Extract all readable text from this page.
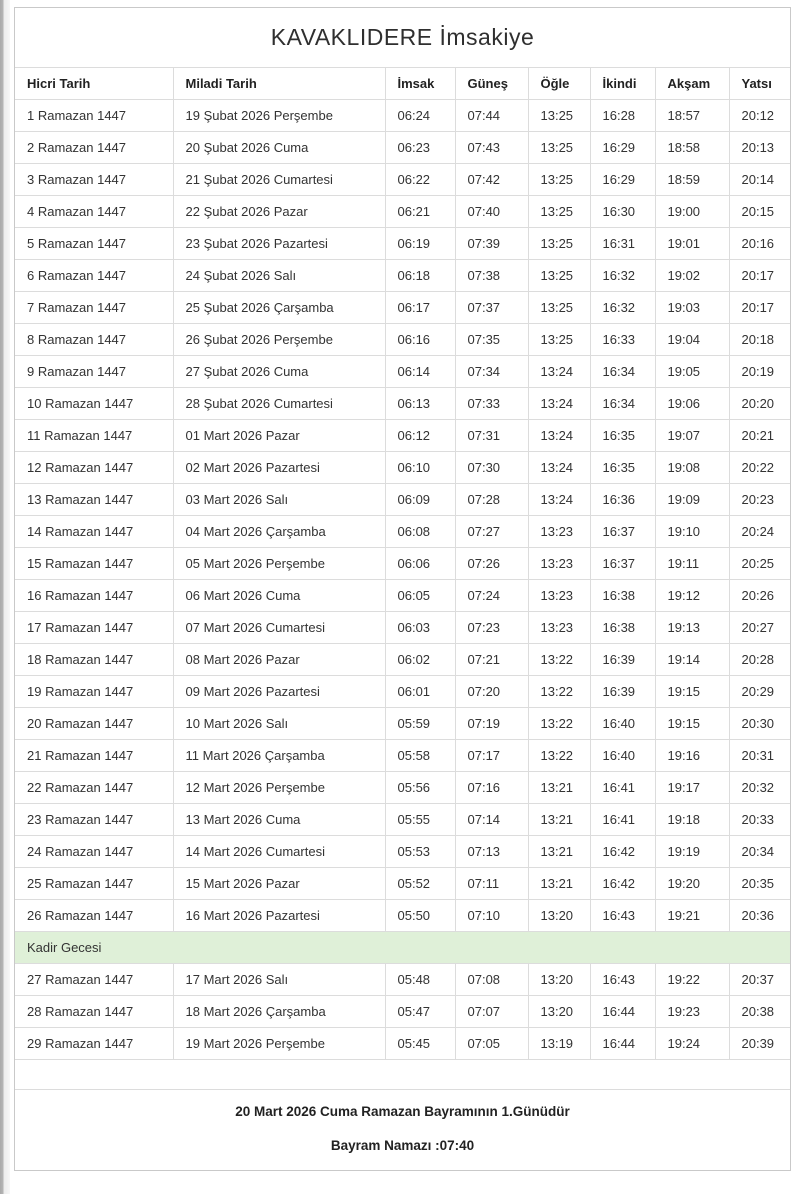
KAVAKLIDERE İmsakiye
Hicri Tarih	Miladi Tarih	İmsak	Güneş	Öğle	İkindi	Akşam	Yatsı
1 Ramazan 1447	19 Şubat 2026 Perşembe	06:24	07:44	13:25	16:28	18:57	20:12
2 Ramazan 1447	20 Şubat 2026 Cuma	06:23	07:43	13:25	16:29	18:58	20:13
3 Ramazan 1447	21 Şubat 2026 Cumartesi	06:22	07:42	13:25	16:29	18:59	20:14
4 Ramazan 1447	22 Şubat 2026 Pazar	06:21	07:40	13:25	16:30	19:00	20:15
5 Ramazan 1447	23 Şubat 2026 Pazartesi	06:19	07:39	13:25	16:31	19:01	20:16
6 Ramazan 1447	24 Şubat 2026 Salı	06:18	07:38	13:25	16:32	19:02	20:17
7 Ramazan 1447	25 Şubat 2026 Çarşamba	06:17	07:37	13:25	16:32	19:03	20:17
8 Ramazan 1447	26 Şubat 2026 Perşembe	06:16	07:35	13:25	16:33	19:04	20:18
9 Ramazan 1447	27 Şubat 2026 Cuma	06:14	07:34	13:24	16:34	19:05	20:19
10 Ramazan 1447	28 Şubat 2026 Cumartesi	06:13	07:33	13:24	16:34	19:06	20:20
11 Ramazan 1447	01 Mart 2026 Pazar	06:12	07:31	13:24	16:35	19:07	20:21
12 Ramazan 1447	02 Mart 2026 Pazartesi	06:10	07:30	13:24	16:35	19:08	20:22
13 Ramazan 1447	03 Mart 2026 Salı	06:09	07:28	13:24	16:36	19:09	20:23
14 Ramazan 1447	04 Mart 2026 Çarşamba	06:08	07:27	13:23	16:37	19:10	20:24
15 Ramazan 1447	05 Mart 2026 Perşembe	06:06	07:26	13:23	16:37	19:11	20:25
16 Ramazan 1447	06 Mart 2026 Cuma	06:05	07:24	13:23	16:38	19:12	20:26
17 Ramazan 1447	07 Mart 2026 Cumartesi	06:03	07:23	13:23	16:38	19:13	20:27
18 Ramazan 1447	08 Mart 2026 Pazar	06:02	07:21	13:22	16:39	19:14	20:28
19 Ramazan 1447	09 Mart 2026 Pazartesi	06:01	07:20	13:22	16:39	19:15	20:29
20 Ramazan 1447	10 Mart 2026 Salı	05:59	07:19	13:22	16:40	19:15	20:30
21 Ramazan 1447	11 Mart 2026 Çarşamba	05:58	07:17	13:22	16:40	19:16	20:31
22 Ramazan 1447	12 Mart 2026 Perşembe	05:56	07:16	13:21	16:41	19:17	20:32
23 Ramazan 1447	13 Mart 2026 Cuma	05:55	07:14	13:21	16:41	19:18	20:33
24 Ramazan 1447	14 Mart 2026 Cumartesi	05:53	07:13	13:21	16:42	19:19	20:34
25 Ramazan 1447	15 Mart 2026 Pazar	05:52	07:11	13:21	16:42	19:20	20:35
26 Ramazan 1447	16 Mart 2026 Pazartesi	05:50	07:10	13:20	16:43	19:21	20:36
Kadir Gecesi							
27 Ramazan 1447	17 Mart 2026 Salı	05:48	07:08	13:20	16:43	19:22	20:37
28 Ramazan 1447	18 Mart 2026 Çarşamba	05:47	07:07	13:20	16:44	19:23	20:38
29 Ramazan 1447	19 Mart 2026 Perşembe	05:45	07:05	13:19	16:44	19:24	20:39

20 Mart 2026 Cuma Ramazan Bayramının 1.Günüdür

Bayram Namazı :07:40
